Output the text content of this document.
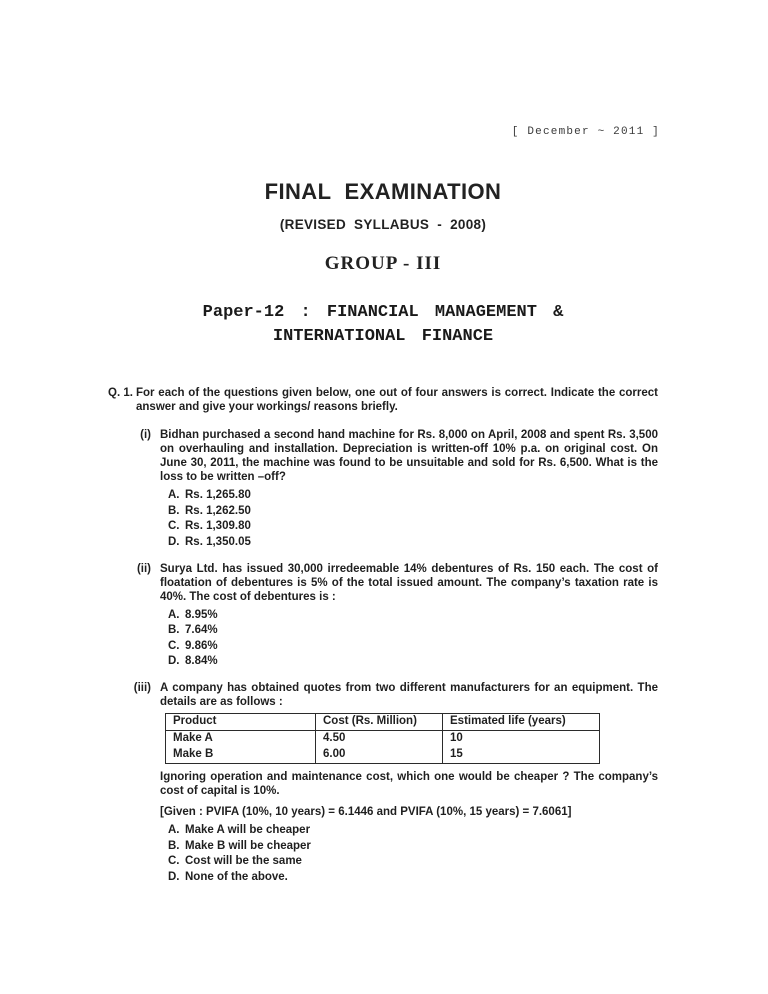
[ December ~ 2011 ]
FINAL EXAMINATION
(REVISED SYLLABUS - 2008)
GROUP - III
Paper-12 : FINANCIAL MANAGEMENT &
INTERNATIONAL FINANCE
Q. 1. For each of the questions given below, one out of four answers is correct. Indicate the correct answer and give your workings/ reasons briefly.
(i) Bidhan purchased a second hand machine for Rs. 8,000 on April, 2008 and spent Rs. 3,500 on overhauling and installation. Depreciation is written-off 10% p.a. on original cost. On June 30, 2011, the machine was found to be unsuitable and sold for Rs. 6,500. What is the loss to be written –off?
A. Rs. 1,265.80
B. Rs. 1,262.50
C. Rs. 1,309.80
D. Rs. 1,350.05
(ii) Surya Ltd. has issued 30,000 irredeemable 14% debentures of Rs. 150 each. The cost of floatation of debentures is 5% of the total issued amount. The company’s taxation rate is 40%. The cost of debentures is :
A. 8.95%
B. 7.64%
C. 9.86%
D. 8.84%
(iii) A company has obtained quotes from two different manufacturers for an equipment. The details are as follows :
Product	Cost (Rs. Million)	Estimated life (years)
Make A	4.50	10
Make B	6.00	15
Ignoring operation and maintenance cost, which one would be cheaper ? The company’s cost of capital is 10%.
[Given : PVIFA (10%, 10 years) = 6.1446 and PVIFA (10%, 15 years) = 7.6061]
A. Make A will be cheaper
B. Make B will be cheaper
C. Cost will be the same
D. None of the above.
